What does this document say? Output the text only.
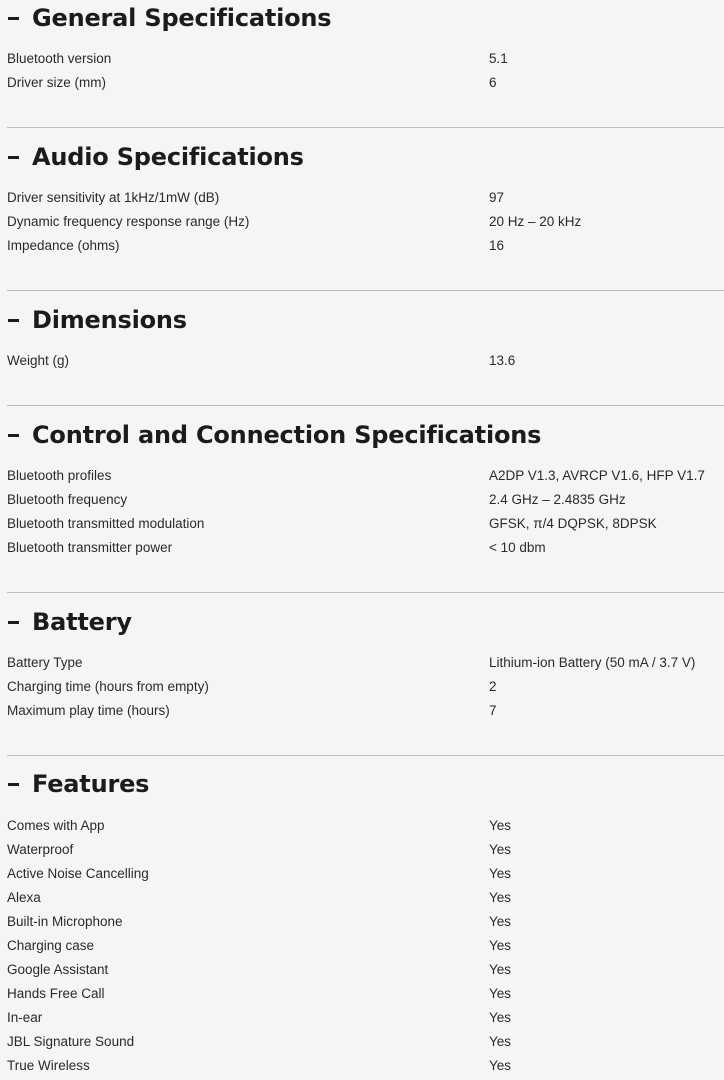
General Specifications
Bluetooth version	5.1
Driver size (mm)	6
Audio Specifications
Driver sensitivity at 1kHz/1mW (dB)	97
Dynamic frequency response range (Hz)	20 Hz – 20 kHz
Impedance (ohms)	16
Dimensions
Weight (g)	13.6
Control and Connection Specifications
Bluetooth profiles	A2DP V1.3, AVRCP V1.6, HFP V1.7
Bluetooth frequency	2.4 GHz – 2.4835 GHz
Bluetooth transmitted modulation	GFSK, π/4 DQPSK, 8DPSK
Bluetooth transmitter power	< 10 dbm
Battery
Battery Type	Lithium-ion Battery (50 mA / 3.7 V)
Charging time (hours from empty)	2
Maximum play time (hours)	7
Features
Comes with App	Yes
Waterproof	Yes
Active Noise Cancelling	Yes
Alexa	Yes
Built-in Microphone	Yes
Charging case	Yes
Google Assistant	Yes
Hands Free Call	Yes
In-ear	Yes
JBL Signature Sound	Yes
True Wireless	Yes
